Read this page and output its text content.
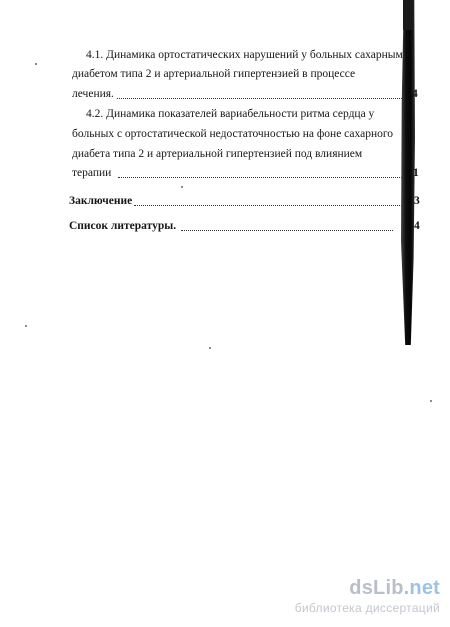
4
4.1. Динамика ортостатических нарушений у больных сахарным
диабетом типа 2 и артериальной гипертензией в процессе
лечения.	4
4.2. Динамика показателей вариабельности ритма сердца у
больных с ортостатической недостаточностью на фоне сахарного
диабета типа 2 и артериальной гипертензией под влиянием
терапии	1
Заключение	3
Список литературы.	4
dsLib.net
библиотека диссертаций
